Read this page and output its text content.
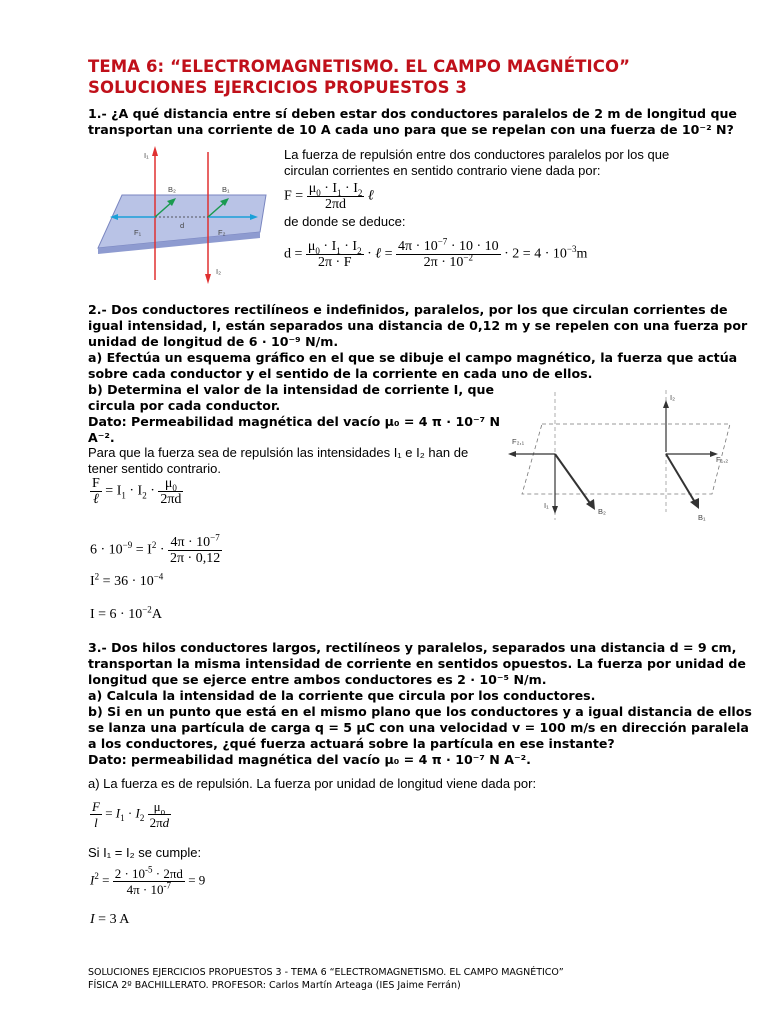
TEMA 6: “ELECTROMAGNETISMO. EL CAMPO MAGNÉTICO”
SOLUCIONES EJERCICIOS PROPUESTOS 3
1.- ¿A qué distancia entre sí deben estar dos conductores paralelos de 2 m de longitud que
transportan una corriente de 10 A cada uno para que se repelan con una fuerza de 10⁻² N?
I₁
I₂
B₂	B₁
F₁	F₂
d
La fuerza de repulsión entre dos conductores paralelos por los que
circulan corrientes en sentido contrario viene dada por:
$F = \frac{\mu_0 \cdot I_1 \cdot I_2}{2\pi d}$ ℓ
de donde se deduce:
$d = \frac{\mu_0 \cdot I_1 \cdot I_2}{2\pi \cdot F}$ · ℓ = $\frac{4\pi \cdot 10^{-7} \cdot 10 \cdot 10}{2\pi \cdot 10^{-2}} \cdot 2 = 4 \cdot 10^{-3}m$
2.- Dos conductores rectilíneos e indefinidos, paralelos, por los que circulan corrientes de
igual intensidad, I, están separados una distancia de 0,12 m y se repelen con una fuerza por
unidad de longitud de 6 · 10⁻⁹ N/m.
a) Efectúa un esquema gráfico en el que se dibuje el campo magnético, la fuerza que actúa
sobre cada conductor y el sentido de la corriente en cada uno de ellos.
b) Determina el valor de la intensidad de corriente I, que
circula por cada conductor.
Dato: Permeabilidad magnética del vacío μ₀ = 4 π · 10⁻⁷ N
A⁻².
Para que la fuerza sea de repulsión las intensidades I₁ e I₂ han de
tener sentido contrario.
I₂
F₂,₁
F₁,₂
I₁
B₂
B₁
$\frac{F}{\text{ℓ}} = I_1 \cdot I_2 \cdot \frac{\mu_0}{2\pi d}$
$6 \cdot 10^{-9} = I^2 \cdot \frac{4\pi \cdot 10^{-7}}{2\pi \cdot 0,12}$
$I^2 = 36 \cdot 10^{-4}$
$I = 6 \cdot 10^{-2}A$
3.- Dos hilos conductores largos, rectilíneos y paralelos, separados una distancia d = 9 cm,
transportan la misma intensidad de corriente en sentidos opuestos. La fuerza por unidad de
longitud que se ejerce entre ambos conductores es 2 · 10⁻⁵ N/m.
a) Calcula la intensidad de la corriente que circula por los conductores.
b) Si en un punto que está en el mismo plano que los conductores y a igual distancia de ellos
se lanza una partícula de carga q = 5 μC con una velocidad v = 100 m/s en dirección paralela
a los conductores, ¿qué fuerza actuará sobre la partícula en ese instante?
Dato: permeabilidad magnética del vacío μ₀ = 4 π · 10⁻⁷ N A⁻².
a) La fuerza es de repulsión. La fuerza por unidad de longitud viene dada por:
$\frac{F}{l} = I_1 \cdot I_2 \frac{\mu_o}{2\pi d}$
Si I₁ = I₂ se cumple:
$I^2 = \frac{2 \cdot 10^{-5} \cdot 2\pi d}{4\pi \cdot 10^{-7}} = 9$
I = 3 A
SOLUCIONES EJERCICIOS PROPUESTOS 3 - TEMA 6 “ELECTROMAGNETISMO. EL CAMPO MAGNÉTICO”
FÍSICA 2º BACHILLERATO. PROFESOR: Carlos Martín Arteaga (IES Jaime Ferrán)
